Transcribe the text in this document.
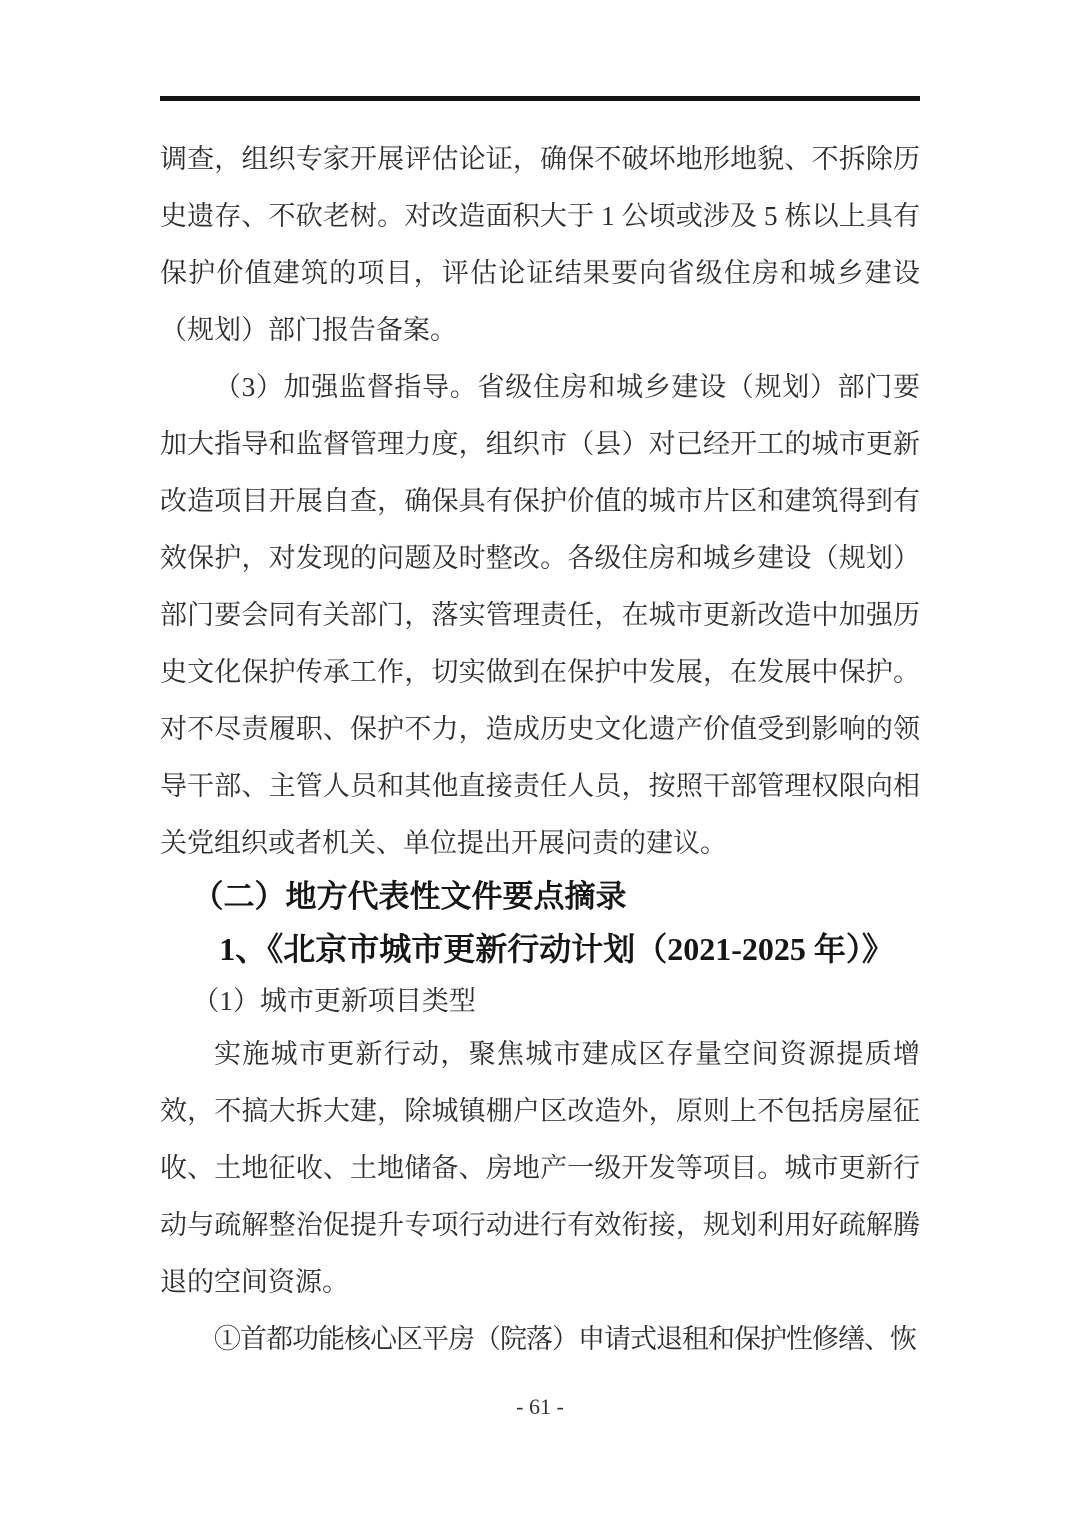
调查，组织专家开展评估论证，确保不破坏地形地貌、不拆除历史遗存、不砍老树。对改造面积大于 1 公顷或涉及 5 栋以上具有保护价值建筑的项目，评估论证结果要向省级住房和城乡建设（规划）部门报告备案。

（3）加强监督指导。省级住房和城乡建设（规划）部门要加大指导和监督管理力度，组织市（县）对已经开工的城市更新改造项目开展自查，确保具有保护价值的城市片区和建筑得到有效保护，对发现的问题及时整改。各级住房和城乡建设（规划）部门要会同有关部门，落实管理责任，在城市更新改造中加强历史文化保护传承工作，切实做到在保护中发展，在发展中保护。对不尽责履职、保护不力，造成历史文化遗产价值受到影响的领导干部、主管人员和其他直接责任人员，按照干部管理权限向相关党组织或者机关、单位提出开展问责的建议。

（二）地方代表性文件要点摘录
1、《北京市城市更新行动计划（2021-2025 年）》

（1）城市更新项目类型

实施城市更新行动，聚焦城市建成区存量空间资源提质增效，不搞大拆大建，除城镇棚户区改造外，原则上不包括房屋征收、土地征收、土地储备、房地产一级开发等项目。城市更新行动与疏解整治促提升专项行动进行有效衔接，规划利用好疏解腾退的空间资源。

①首都功能核心区平房（院落）申请式退租和保护性修缮、恢

- 61 -
